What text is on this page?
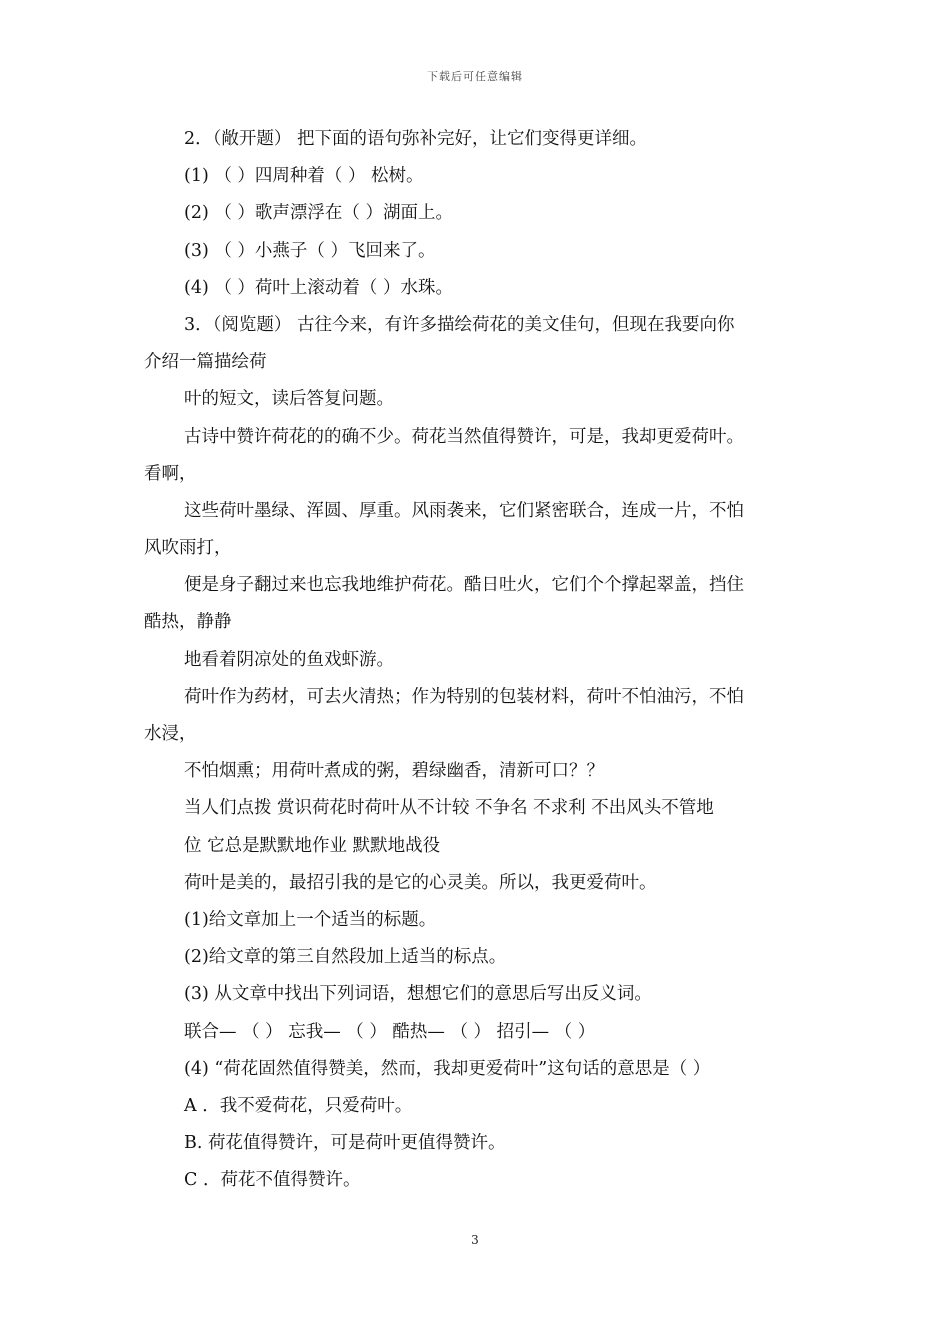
下载后可任意编辑
2．（敞开题） 把下面的语句弥补完好，让它们变得更详细。
(1) （ ）四周种着（ ） 松树。
(2) （ ）歌声漂浮在（ ）湖面上。
(3) （ ）小燕子（ ）飞回来了。
(4) （ ）荷叶上滚动着（ ）水珠。
3．（阅览题） 古往今来，有许多描绘荷花的美文佳句，但现在我要向你
介绍一篇描绘荷
叶的短文，读后答复问题。
古诗中赞许荷花的的确不少。荷花当然值得赞许，可是，我却更爱荷叶。
看啊，
这些荷叶墨绿、浑圆、厚重。风雨袭来，它们紧密联合，连成一片，不怕
风吹雨打，
便是身子翻过来也忘我地维护荷花。酷日吐火，它们个个撑起翠盖，挡住
酷热，静静
地看着阴凉处的鱼戏虾游。
荷叶作为药材，可去火清热；作为特别的包装材料，荷叶不怕油污，不怕
水浸，
不怕烟熏；用荷叶煮成的粥，碧绿幽香，清新可口？？
当人们点拨 赏识荷花时荷叶从不计较 不争名 不求利 不出风头不管地
位 它总是默默地作业 默默地战役
荷叶是美的，最招引我的是它的心灵美。所以，我更爱荷叶。
(1)给文章加上一个适当的标题。
(2)给文章的第三自然段加上适当的标点。
(3) 从文章中找出下列词语，想想它们的意思后写出反义词。
联合— （ ） 忘我— （ ） 酷热— （ ） 招引— （ ）
(4) “荷花固然值得赞美，然而，我却更爱荷叶”这句话的意思是（ ）
A ．我不爱荷花，只爱荷叶。
B. 荷花值得赞许，可是荷叶更值得赞许。
C ．荷花不值得赞许。
3
